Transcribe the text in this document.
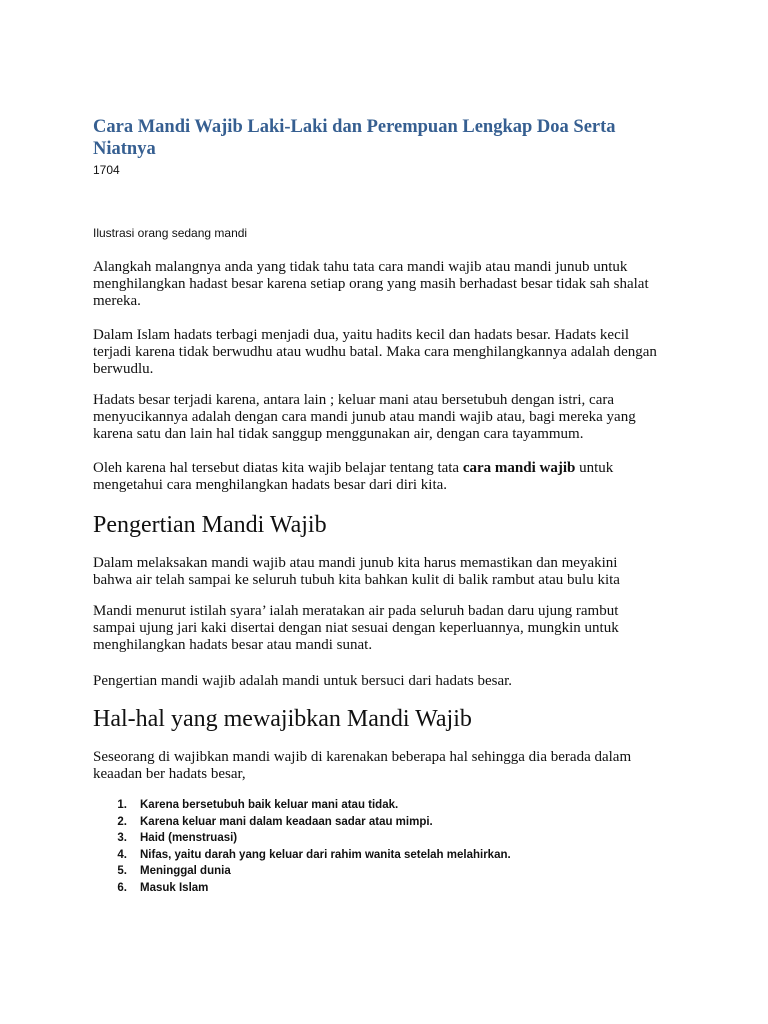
Cara Mandi Wajib Laki-Laki dan Perempuan Lengkap Doa Serta
Niatnya
1704
Ilustrasi orang sedang mandi
Alangkah malangnya anda yang tidak tahu tata cara mandi wajib atau mandi junub untuk
menghilangkan hadast besar karena setiap orang yang masih berhadast besar tidak sah shalat
mereka.
Dalam Islam hadats terbagi menjadi dua, yaitu hadits kecil dan hadats besar. Hadats kecil
terjadi karena tidak berwudhu atau wudhu batal. Maka cara menghilangkannya adalah dengan
berwudlu.
Hadats besar terjadi karena, antara lain ; keluar mani atau bersetubuh dengan istri, cara
menyucikannya adalah dengan cara mandi junub atau mandi wajib atau, bagi mereka yang
karena satu dan lain hal tidak sanggup menggunakan air, dengan cara tayammum.
Oleh karena hal tersebut diatas kita wajib belajar tentang tata cara mandi wajib untuk
mengetahui cara menghilangkan hadats besar dari diri kita.
Pengertian Mandi Wajib
Dalam melaksakan mandi wajib atau mandi junub kita harus memastikan dan meyakini
bahwa air telah sampai ke seluruh tubuh kita bahkan kulit di balik rambut atau bulu kita
Mandi menurut istilah syara’ ialah meratakan air pada seluruh badan daru ujung rambut
sampai ujung jari kaki disertai dengan niat sesuai dengan keperluannya, mungkin untuk
menghilangkan hadats besar atau mandi sunat.
Pengertian mandi wajib adalah mandi untuk bersuci dari hadats besar.
Hal-hal yang mewajibkan Mandi Wajib
Seseorang di wajibkan mandi wajib di karenakan beberapa hal sehingga dia berada dalam
keaadan ber hadats besar,
1. Karena bersetubuh baik keluar mani atau tidak.
2. Karena keluar mani dalam keadaan sadar atau mimpi.
3. Haid (menstruasi)
4. Nifas, yaitu darah yang keluar dari rahim wanita setelah melahirkan.
5. Meninggal dunia
6. Masuk Islam
